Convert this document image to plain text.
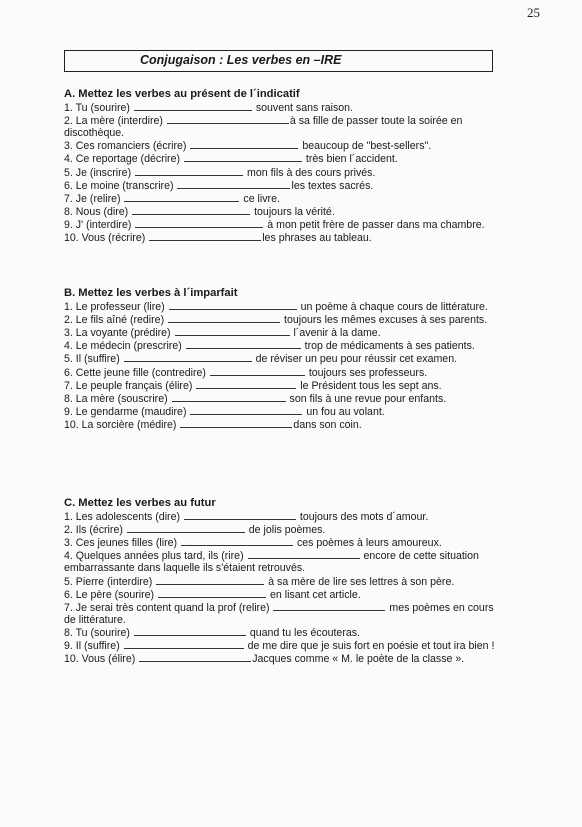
25
Conjugaison : Les verbes en –IRE
A. Mettez les verbes au présent de l´indicatif
1. Tu (sourire)	souvent sans raison.
2. La mère (interdire)	à sa fille de passer toute la soirée en discothèque.
3. Ces romanciers (écrire)	beaucoup de "best-sellers".
4. Ce reportage (décrire)	très bien l´accident.
5. Je (inscrire)	mon fils à des cours privés.
6. Le moine (transcrire)	les textes sacrés.
7. Je (relire)	ce livre.
8. Nous (dire)	toujours la vérité.
9. J' (interdire)	à mon petit frère de passer dans ma chambre.
10. Vous (récrire)	les phrases au tableau.
B. Mettez les verbes à l´imparfait
1. Le professeur (lire)	un poème à chaque cours de littérature.
2. Le fils aîné (redire)	toujours les mêmes excuses à ses parents.
3. La voyante (prédire)	l´avenir à la dame.
4. Le médecin (prescrire)	trop de médicaments à ses patients.
5. Il (suffire)	de réviser un peu pour réussir cet examen.
6. Cette jeune fille (contredire)	toujours ses professeurs.
7. Le peuple français (élire)	le Président tous les sept ans.
8. La mère (souscrire)	son fils à une revue pour enfants.
9. Le gendarme (maudire)	un fou au volant.
10. La sorcière (médire)	dans son coin.
C. Mettez les verbes au futur
1. Les adolescents (dire)	toujours des mots d´amour.
2. Ils (écrire)	de jolis poèmes.
3. Ces jeunes filles (lire)	ces poèmes à leurs amoureux.
4. Quelques années plus tard, ils (rire)	encore de cette situation embarrassante dans laquelle ils s'étaient retrouvés.
5. Pierre (interdire)	à sa mère de lire ses lettres à son père.
6. Le père (sourire)	en lisant cet article.
7. Je serai très content quand la prof (relire)	mes poèmes en cours de littérature.
8. Tu (sourire)	quand tu les écouteras.
9. Il (suffire)	de me dire que je suis fort en poésie et tout ira bien !
10. Vous (élire)	Jacques comme « M. le poète de la classe ».
